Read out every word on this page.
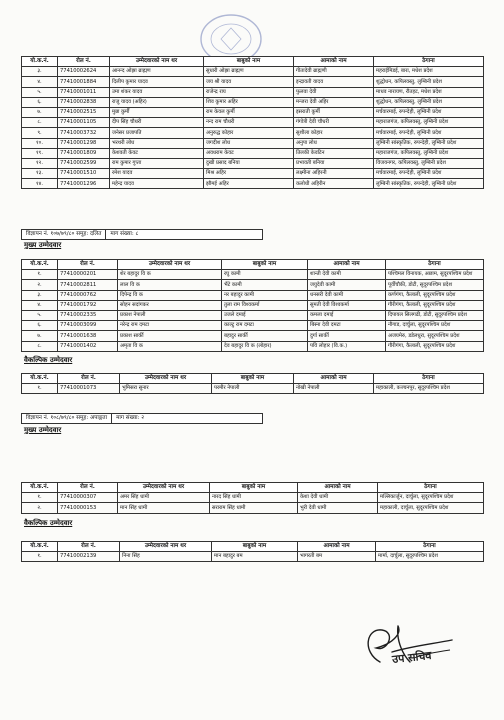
यो.क.नं.	रोल नं.	उम्मेदवारको नाम थर	बाबुको नाम	आमाको नाम	ठेगाना
३.	77410002624	आनन्द ओझा ब्राह्मण	सुधारी ओझा ब्राह्मण	गीतादेवी ब्राह्मणी	महराईमिडई, बारा, मधेश प्रदेश
४.	77410001884	दिलीप कुमार यादव	जय श्री यादव	इन्द्रावती यादव	शुद्धोधन, कपिलवस्तु, लुम्बिनी प्रदेश
५.	77410001011	उमा शंकर यादव	राजेन्द्र राय	फुलवा देवी	माधव नारायण, रौतहट, मधेश प्रदेश
६.	77410002838	राजु यादव (अहिर)	शिव कुमार अहिर	मन्जरा देवी अहिर	शुद्धोधन, कपिलवस्तु, लुम्बिनी प्रदेश
७.	77410002515	मुन्ना कुर्मी	राम केवल कुर्मी	इसराती कुर्मी	मर्चवारमाई, रुपन्देही, लुम्बिनी प्रदेश
८.	77410001105	दीप सिंह चौधरी	नन्द राम चौधरी	गंगोत्री देवी चौधरी	महाराजगंज, कपिलवस्तु, लुम्बिनी प्रदेश
९.	77410003732	जनेसर प्रजापति	अनुरुद्ध कोहार	सुशीला कोहार	मर्चवारमाई, रुपन्देही, लुम्बिनी प्रदेश
१०.	77410001298	भरथरी लोध	जगदीश लोध	अनुपा लोध	लुम्बिनी सांस्कृतिक, रुपन्देही, लुम्बिनी प्रदेश
११.	77410001809	केशवती केवट	अवधराम केवट	तिलकी केवटिन	महाराजगंज, कपिलवस्तु, लुम्बिनी प्रदेश
१२.	77410002599	राम कुमार गुप्ता	दुखी प्रसाद बनिया	प्रभावती बनिया	विजयनगर, कपिलवस्तु, लुम्बिनी प्रदेश
१३.	77410001510	रमेश यादव	मिश्र अहिर	लक्ष्मीना अहिरनी	मर्चवारमाई, रुपन्देही, लुम्बिनी प्रदेश
१४.	77410001296	महेन्द्र यादव	झौमई अहिर	कलोधी अहिरीन	लुम्बिनी सांस्कृतिक, रुपन्देही, लुम्बिनी प्रदेश
विज्ञापन नं. १०७/७९/८० समूह: दलित माग संख्या: ८
मुख्य उम्मेदवार
यो.क.नं.	रोल नं.	उम्मेदवारको नाम थर	बाबुको नाम	आमाको नाम	ठेगाना
१.	77410000201	शेर बहादुर वि क	रघु कामी	शान्ती देवी कामी	पश्चिमल विनायक, अछाम, सुदूरपश्चिम प्रदेश
२.	77410002811	लाल वि क	भैंटे कामी	जयुदेवी कामी	पूर्वीचौकी, डोटी, सुदूरपश्चिम प्रदेश
३.	77410000762	दिपेन्द्र वि क	नर बहादुर कामी	धनसरी देवी कामी	कर्णगंगा, कैलाली, सुदूरपश्चिम प्रदेश
४.	77410001792	सोहन सदांगकर	तुला राम विश्वकर्मा	सुमती देवी विश्वकर्मा	गौरीगंगा, कैलाली, सुदूरपश्चिम प्रदेश
५.	77410002335	प्रकाश नेपाली	उजले दमाई	कमला दमाई	दिपायल सिलगढी, डोटी, सुदूरपश्चिम प्रदेश
६.	77410003099	नरेन्द्र राम दमटा	काल्टु राम दमटा	बिस्ना देवी दमटा	नौगाड, दार्चुला, सुदूरपश्चिम प्रदेश
७.	77410001638	प्रकाश सार्की	बहादुर सार्की	दुर्गा सार्की	अजयमेरु, डडेलधुरा, सुदूरपश्चिम प्रदेश
८.	77410001402	अमृता वि क	देव बहादुर वि क (लोहार)	पवि लोहार (वि.क.)	गौरीगंगा, कैलाली, सुदूरपश्चिम प्रदेश
वैकल्पिक उम्मेदवार
यो.क.नं.	रोल नं.	उम्मेदवारको नाम थर	बाबुको नाम	आमाको नाम	ठेगाना
१.	77410001073	भुमिसरा सुनार	परमीर नेपाली	नोखी नेपाली	महाकाली, कञ्चनपुर, सुदूरपश्चिम प्रदेश
विज्ञापन नं. १०८/७९/८० समूह: अपाङ्गता माग संख्या: २
मुख्य उम्मेदवार
यो.क.नं.	रोल नं.	उम्मेदवारको नाम थर	बाबुको नाम	आमाको नाम	ठेगाना
१.	77410000307	अमर सिंह धामी	नारद सिंह धामी	केशा देवी धामी	मल्लिकार्जुन, दार्चुला, सुदूरपश्चिम प्रदेश
२.	77410000153	मान सिंह धामी	सराराम सिंह धामी	भुरी देवी धामी	महाकाली, दार्चुला, सुदूरपश्चिम प्रदेश
वैकल्पिक उम्मेदवार
यो.क.नं.	रोल नं.	उम्मेदवारको नाम थर	बाबुको नाम	आमाको नाम	ठेगाना
१.	77410002139	निना सिंह	मान बहादुर बम	भागरती बम	मार्मा, दार्चुला, सुदूरपश्चिम प्रदेश
उप सचिव
